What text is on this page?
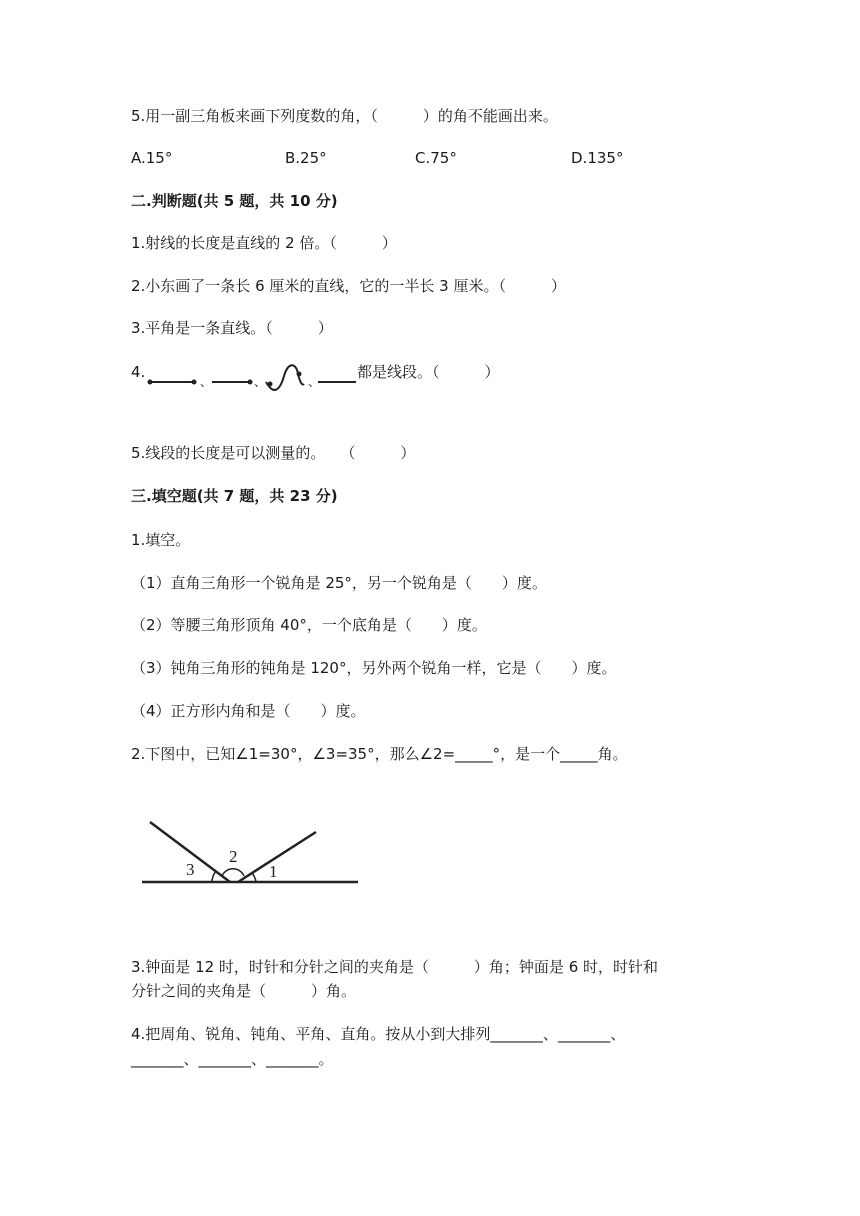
5.用一副三角板来画下列度数的角，（　　　）的角不能画出来。
A.15°	B.25°	C.75°	D.135°
二.判断题(共 5 题，共 10 分)
1.射线的长度是直线的 2 倍。（　　　）
2.小东画了一条长 6 厘米的直线，它的一半长 3 厘米。（　　　）
3.平角是一条直线。（　　　）
4.
、	、	、
都是线段。（　　　）
5.线段的长度是可以测量的。　　（　　　）
三.填空题(共 7 题，共 23 分)
1.填空。
（1）直角三角形一个锐角是 25°，另一个锐角是（　　）度。
（2）等腰三角形顶角 40°，一个底角是（　　）度。
（3）钝角三角形的钝角是 120°，另外两个锐角一样，它是（　　）度。
（4）正方形内角和是（　　）度。
2.下图中，已知∠1=30°，∠3=35°，那么∠2=_____°，是一个_____角。
3
2
1
3.钟面是 12 时，时针和分针之间的夹角是（　　　）角；钟面是 6 时，时针和
分针之间的夹角是（　　　）角。
4.把周角、锐角、钝角、平角、直角。按从小到大排列_______、_______、
_______、_______、_______。
